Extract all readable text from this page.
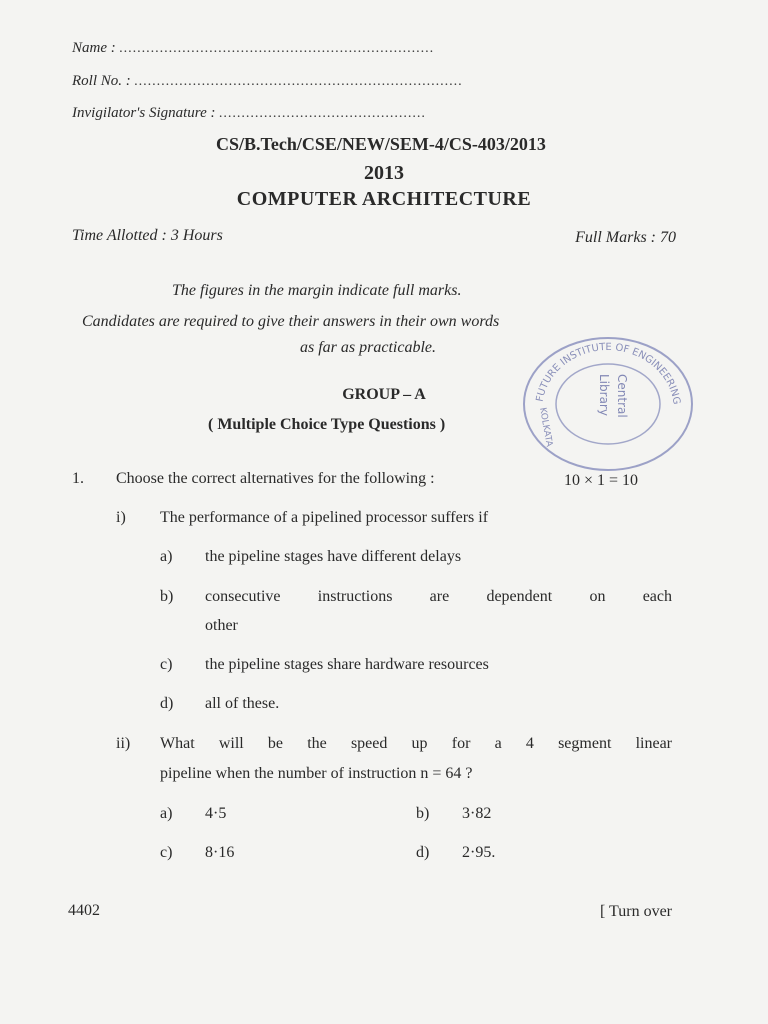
Name : ......................................................................
Roll No. : .........................................................................
Invigilator's Signature : ..............................................
CS/B.Tech/CSE/NEW/SEM-4/CS-403/2013
2013
COMPUTER ARCHITECTURE
Time Allotted : 3 Hours	Full Marks : 70
The figures in the margin indicate full marks.
Candidates are required to give their answers in their own words
as far as practicable.
FUTURE INSTITUTE OF ENGINEERING
KOLKATA
Central
Library
GROUP – A
( Multiple Choice Type Questions )
1. Choose the correct alternatives for the following :	10 × 1 = 10
i) The performance of a pipelined processor suffers if
a) the pipeline stages have different delays
b) consecutive instructions are dependent on each
other
c) the pipeline stages share hardware resources
d) all of these.
ii) What will be the speed up for a 4 segment linear
pipeline when the number of instruction n = 64 ?
a) 4·5	b) 3·82
c) 8·16	d) 2·95.
4402	[ Turn over
